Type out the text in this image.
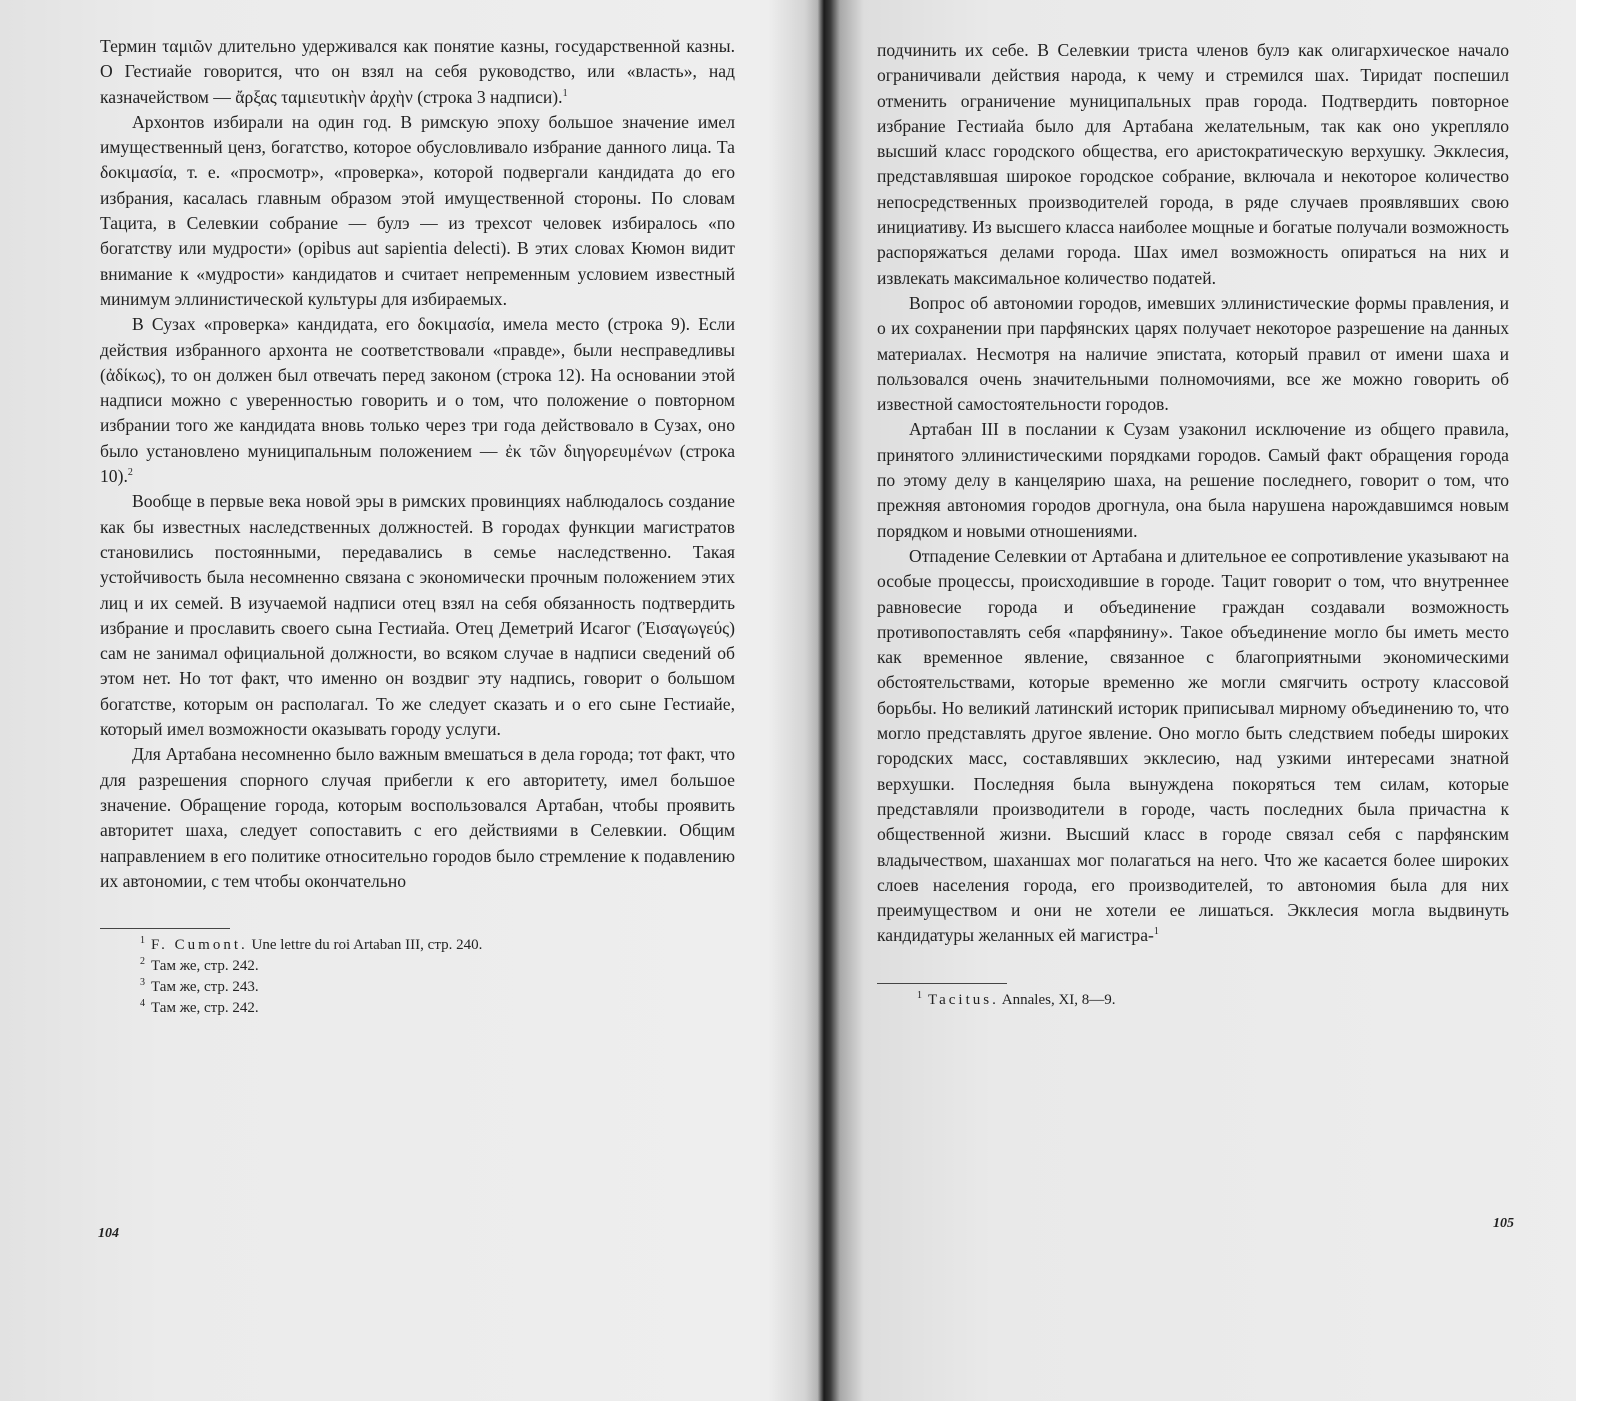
Термин ταμιῶν длительно удерживался как понятие казны, государственной казны. О Гестиайе говорится, что он взял на себя руководство, или «власть», над казначейством — ἄρξας ταμιευτικὴν ἀρχὴν (строка 3 надписи).$^1$

Архонтов избирали на один год. В римскую эпоху большое значение имел имущественный ценз, богатство, которое обусловливало избрание данного лица. Та δοκιμασία, т. е. «просмотр», «проверка», которой подвергали кандидата до его избрания, касалась главным образом этой имущественной стороны. По словам Тацита, в Селевкии собрание — булэ — из трехсот человек избиралось «по богатству или мудрости» (opibus aut sapientia delecti). В этих словах Кюмон видит внимание к «мудрости» кандидатов и считает непременным условием известный минимум эллинистической культуры для избираемых.

В Сузах «проверка» кандидата, его δοκιμασία, имела место (строка 9). Если действия избранного архонта не соответствовали «правде», были несправедливы (ἀδίκως), то он должен был отвечать перед законом (строка 12). На основании этой надписи можно с уверенностью говорить и о том, что положение о повторном избрании того же кандидата вновь только через три года действовало в Сузах, оно было установлено муниципальным положением — ἐκ τῶν διηγορευμένων (строка 10).$^2$

Вообще в первые века новой эры в римских провинциях наблюдалось создание как бы известных наследственных должностей. В городах функции магистратов становились постоянными, передавались в семье наследственно. Такая устойчивость была несомненно связана с экономически прочным положением этих лиц и их семей. В изучаемой надписи отец взял на себя обязанность подтвердить избрание и прославить своего сына Гестиайа. Отец Деметрий Исагог (Ἐισαγωγεύς) сам не занимал официальной должности, во всяком случае в надписи сведений об этом нет. Но тот факт, что именно он воздвиг эту надпись, говорит о большом богатстве, которым он располагал. То же следует сказать и о его сыне Гестиайе, который имел возможности оказывать городу услуги.

Для Артабана несомненно было важным вмешаться в дела города; тот факт, что для разрешения спорного случая прибегли к его авторитету, имел большое значение. Обращение города, которым воспользовался Артабан, чтобы проявить авторитет шаха, следует сопоставить с его действиями в Селевкии. Общим направлением в его политике относительно городов было стремление к подавлению их автономии, с тем чтобы окончательно

$^1$ F. Cumont. Une lettre du roi Artaban III, стр. 240.
$^2$ Там же, стр. 242.
$^3$ Там же, стр. 243.
$^4$ Там же, стр. 242.
104

подчинить их себе. В Селевкии триста членов булэ как олигархическое начало ограничивали действия народа, к чему и стремился шах. Тиридат поспешил отменить ограничение муниципальных прав города. Подтвердить повторное избрание Гестиайа было для Артабана желательным, так как оно укрепляло высший класс городского общества, его аристократическую верхушку. Экклесия, представлявшая широкое городское собрание, включала и некоторое количество непосредственных производителей города, в ряде случаев проявлявших свою инициативу. Из высшего класса наиболее мощные и богатые получали возможность распоряжаться делами города. Шах имел возможность опираться на них и извлекать максимальное количество податей.

Вопрос об автономии городов, имевших эллинистические формы правления, и о их сохранении при парфянских царях получает некоторое разрешение на данных материалах. Несмотря на наличие эпистата, который правил от имени шаха и пользовался очень значительными полномочиями, все же можно говорить об известной самостоятельности городов.

Артабан III в послании к Сузам узаконил исключение из общего правила, принятого эллинистическими порядками городов. Самый факт обращения города по этому делу в канцелярию шаха, на решение последнего, говорит о том, что прежняя автономия городов дрогнула, она была нарушена нарождавшимся новым порядком и новыми отношениями.

Отпадение Селевкии от Артабана и длительное ее сопротивление указывают на особые процессы, происходившие в городе. Тацит говорит о том, что внутреннее равновесие города и объединение граждан создавали возможность противопоставлять себя «парфянину». Такое объединение могло бы иметь место как временное явление, связанное с благоприятными экономическими обстоятельствами, которые временно же могли смягчить остроту классовой борьбы. Но великий латинский историк приписывал мирному объединению то, что могло представлять другое явление. Оно могло быть следствием победы широких городских масс, составлявших экклесию, над узкими интересами знатной верхушки. Последняя была вынуждена покоряться тем силам, которые представляли производители в городе, часть последних была причастна к общественной жизни. Высший класс в городе связал себя с парфянским владычеством, шаханшах мог полагаться на него. Что же касается более широких слоев населения города, его производителей, то автономия была для них преимуществом и они не хотели ее лишаться. Экклесия могла выдвинуть кандидатуры желанных ей магистра-$^1$

$^1$ Tacitus. Annales, XI, 8—9.
105
